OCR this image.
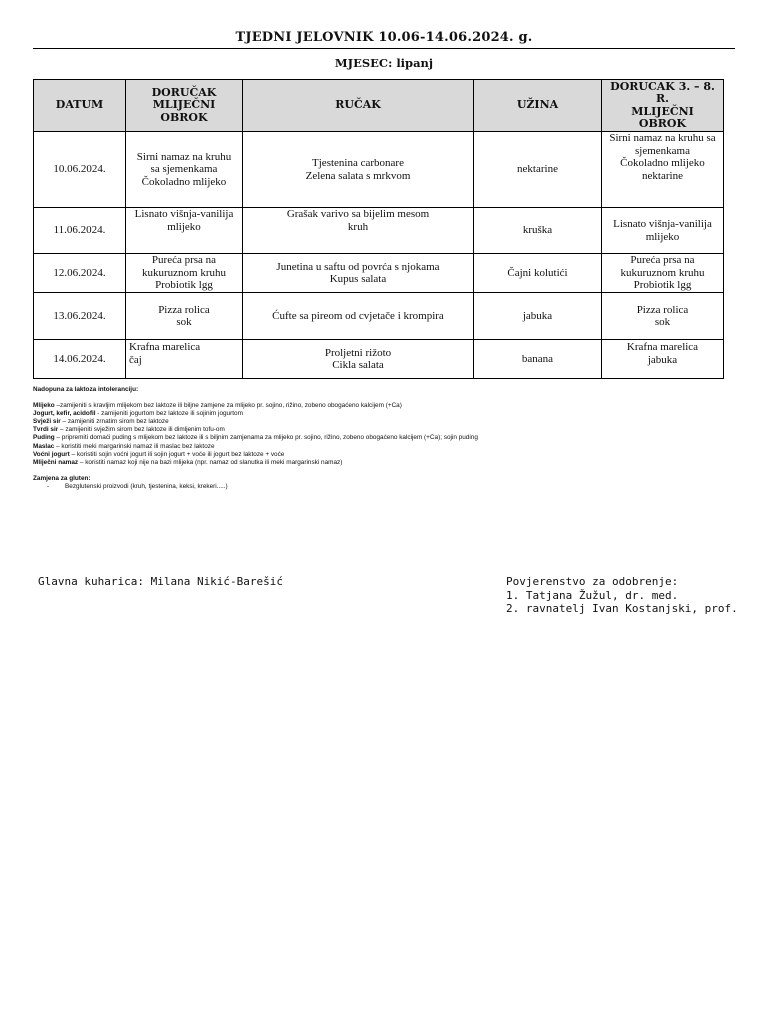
TJEDNI JELOVNIK 10.06-14.06.2024. g.
MJESEC: lipanj
DATUM	DORUČAK
MLIJEČNI
OBROK	RUČAK	UŽINA	DORUCAK 3. – 8.
R.
MLIJEČNI
OBROK

10.06.2024.	Sirni namaz na kruhu
sa sjemenkama
Čokoladno mlijeko	Tjestenina carbonare
Zelena salata s mrkvom	nektarine	Sirni namaz na kruhu sa
sjemenkama
Čokoladno mlijeko
nektarine

11.06.2024.	Lisnato višnja-vanilija
mlijeko	Grašak varivo sa bijelim mesom
kruh	kruška	Lisnato višnja-vanilija
mlijeko

12.06.2024.	Pureća prsa na
kukuruznom kruhu
Probiotik lgg	Junetina u saftu od povrća s njokama
Kupus salata	Čajni kolutići	Pureća prsa na
kukuruznom kruhu
Probiotik lgg

13.06.2024.	Pizza rolica
sok	Ćufte sa pireom od cvjetače i krompira	jabuka	Pizza rolica
sok

14.06.2024.	Krafna marelica
čaj	Proljetni rižoto
Cikla salata	banana	Krafna marelica
jabuka
Nadopuna za laktoza intoleranciju:
Mlijeko –zamijeniti s kravljim mlijekom bez laktoze ili biljne zamjene za mlijeko pr. sojino, rižino, zobeno obogaćeno kalcijem (+Ca)
Jogurt, kefir, acidofil - zamijeniti jogurtom bez laktoze ili sojinim jogurtom
Svježi sir – zamijeniti zrnatim sirom bez laktoze
Tvrdi sir – zamijeniti svježim sirom bez laktoze ili dimljenim tofu-om
Puding – pripremiti domaći puding s mlijekom bez laktoze ili s biljnim zamjenama za mlijeko pr. sojino, rižino, zobeno obogaćeno kalcijem (+Ca); sojin puding
Maslac – koristiti meki margarinski namaz ili maslac bez laktoze
Voćni jogurt – koristiti sojin voćni jogurt ili sojin jogurt + voće ili jogurt bez laktoze + voće
Mliječni namaz – koristiti namaz koji nije na bazi mlijeka (npr. namaz od slanutka ili meki margarinski namaz)
Zamjena za gluten:
- Bezglutenski proizvodi (kruh, tjestenina, keksi, krekeri.....)
Glavna kuharica: Milana Nikić-Barešić	Povjerenstvo za odobrenje:
1. Tatjana Žužul, dr. med.
2. ravnatelj Ivan Kostanjski, prof.
